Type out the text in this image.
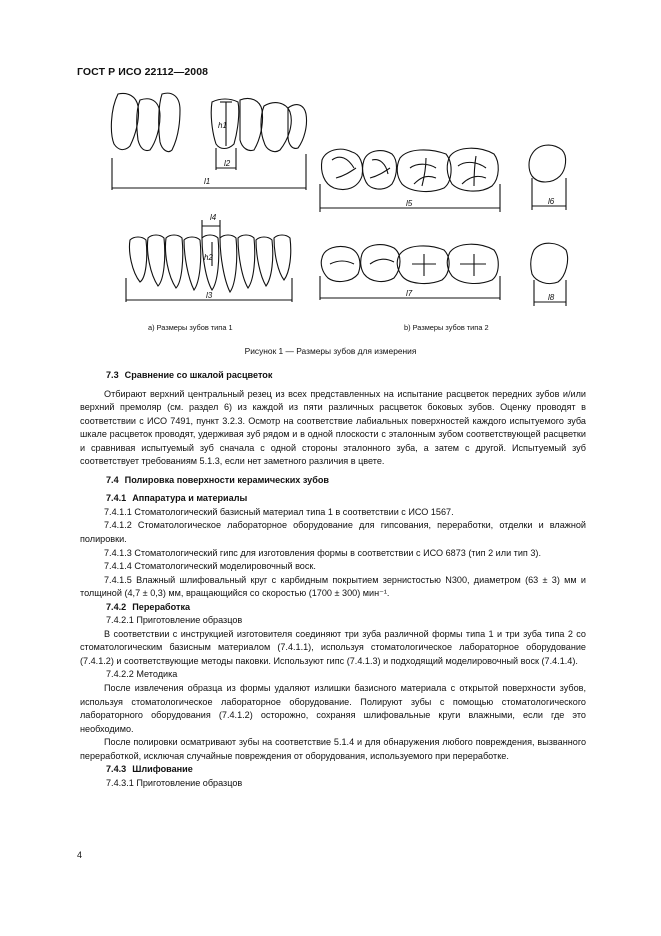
ГОСТ Р ИСО 22112—2008
h1
l2
l1
h2
l4
l3
l5	l6
l7	l8
а) Размеры зубов типа 1	b) Размеры зубов типа 2
Рисунок 1 — Размеры зубов для измерения

7.3 Сравнение со шкалой расцветок

Отбирают верхний центральный резец из всех представленных на испытание расцветок передних зубов и/или верхний премоляр (см. раздел 6) из каждой из пяти различных расцветок боковых зубов. Оценку проводят в соответствии с ИСО 7491, пункт 3.2.3. Осмотр на соответствие лабиальных поверхностей каждого испытуемого зуба шкале расцветок проводят, удерживая зуб рядом и в одной плоскости с эталонным зубом соответствующей расцветки и сравнивая испытуемый зуб сначала с одной стороны эталонного зуба, а затем с другой. Испытуемый зуб соответствует требованиям 5.1.3, если нет заметного различия в цвете.

7.4 Полировка поверхности керамических зубов

7.4.1 Аппаратура и материалы

7.4.1.1 Стоматологический базисный материал типа 1 в соответствии с ИСО 1567.

7.4.1.2 Стоматологическое лабораторное оборудование для гипсования, переработки, отделки и влажной полировки.

7.4.1.3 Стоматологический гипс для изготовления формы в соответствии с ИСО 6873 (тип 2 или тип 3).

7.4.1.4 Стоматологический моделировочный воск.

7.4.1.5 Влажный шлифовальный круг с карбидным покрытием зернистостью N300, диаметром (63 ± 3) мм и толщиной (4,7 ± 0,3) мм, вращающийся со скоростью (1700 ± 300) мин⁻¹.

7.4.2 Переработка

7.4.2.1 Приготовление образцов

В соответствии с инструкцией изготовителя соединяют три зуба различной формы типа 1 и три зуба типа 2 со стоматологическим базисным материалом (7.4.1.1), используя стоматологическое лабораторное оборудование (7.4.1.2) и соответствующие методы паковки. Используют гипс (7.4.1.3) и подходящий моделировочный воск (7.4.1.4).

7.4.2.2 Методика

После извлечения образца из формы удаляют излишки базисного материала с открытой поверхности зубов, используя стоматологическое лабораторное оборудование. Полируют зубы с помощью стоматологического лабораторного оборудования (7.4.1.2) осторожно, сохраняя шлифовальные круги влажными, если где это необходимо.

После полировки осматривают зубы на соответствие 5.1.4 и для обнаружения любого повреждения, вызванного переработкой, исключая случайные повреждения от оборудования, используемого при переработке.

7.4.3 Шлифование

7.4.3.1 Приготовление образцов

4
